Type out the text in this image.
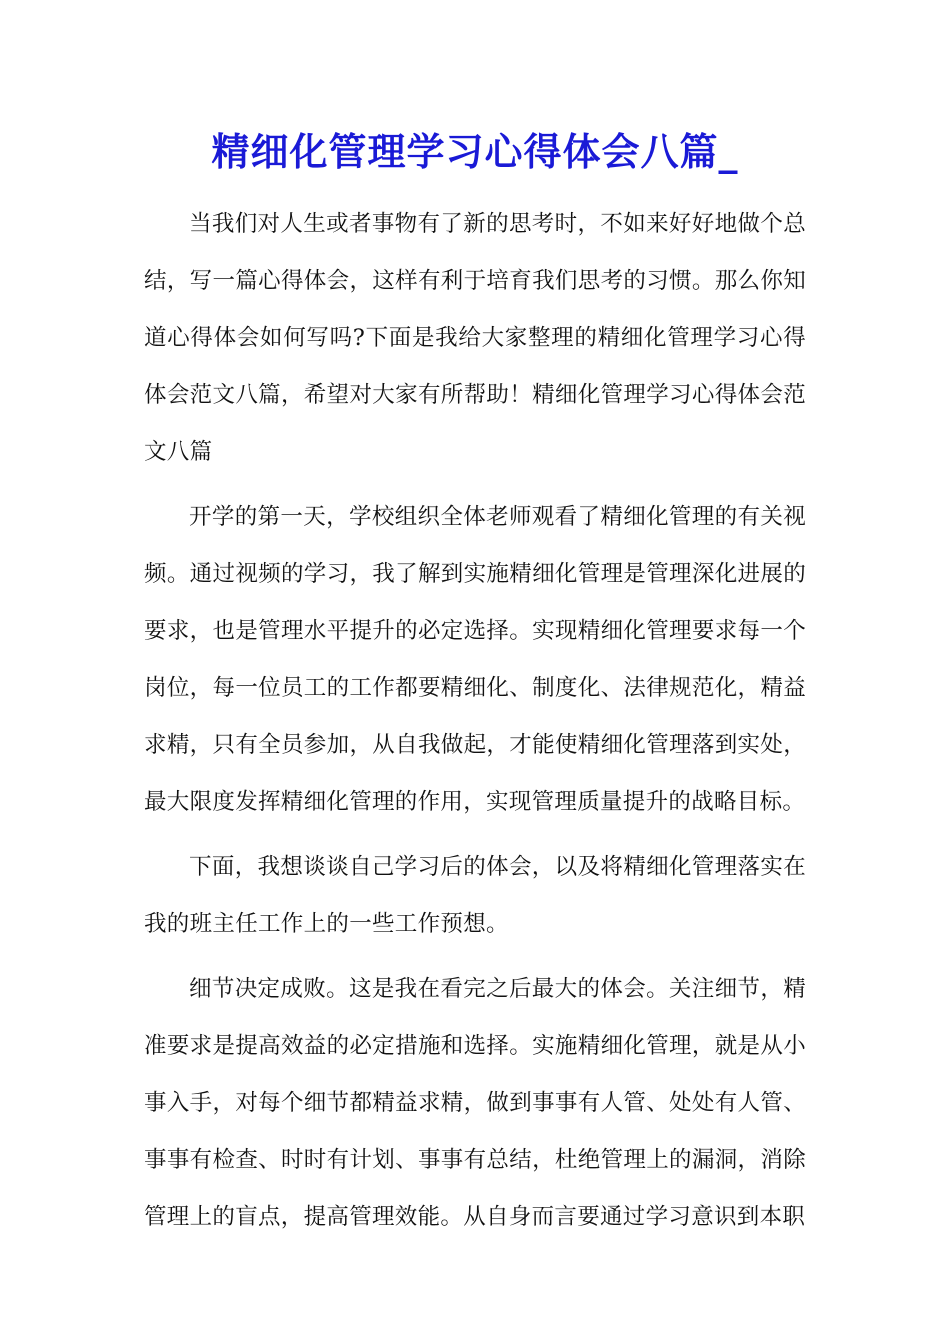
精细化管理学习心得体会八篇_

当我们对人生或者事物有了新的思考时，不如来好好地做个总结，写一篇心得体会，这样有利于培育我们思考的习惯。那么你知道心得体会如何写吗?下面是我给大家整理的精细化管理学习心得体会范文八篇，希望对大家有所帮助！精细化管理学习心得体会范文八篇

开学的第一天，学校组织全体老师观看了精细化管理的有关视频。通过视频的学习，我了解到实施精细化管理是管理深化进展的要求，也是管理水平提升的必定选择。实现精细化管理要求每一个岗位，每一位员工的工作都要精细化、制度化、法律规范化，精益求精，只有全员参加，从自我做起，才能使精细化管理落到实处，最大限度发挥精细化管理的作用，实现管理质量提升的战略目标。

下面，我想谈谈自己学习后的体会，以及将精细化管理落实在我的班主任工作上的一些工作预想。

细节决定成败。这是我在看完之后最大的体会。关注细节，精准要求是提高效益的必定措施和选择。实施精细化管理，就是从小事入手，对每个细节都精益求精，做到事事有人管、处处有人管、事事有检查、时时有计划、事事有总结，杜绝管理上的漏洞，消除管理上的盲点，提高管理效能。从自身而言要通过学习意识到本职
